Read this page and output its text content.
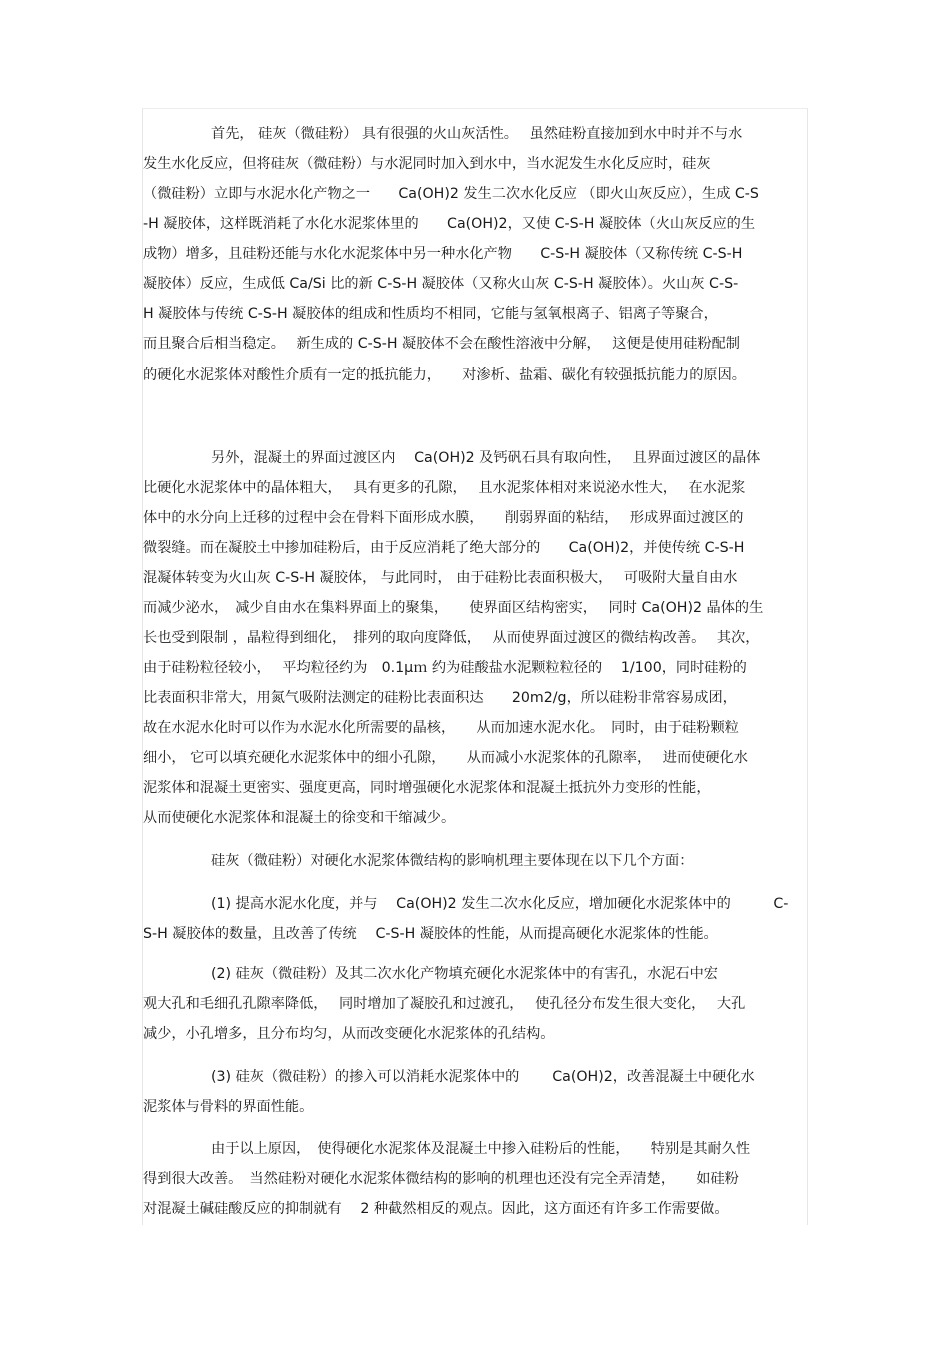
首先， 硅灰（微硅粉） 具有很强的火山灰活性。　 虽然硅粉直接加到水中时并不与水
发生水化反应，但将硅灰（微硅粉）与水泥同时加入到水中，当水泥发生水化反应时，硅灰
（微硅粉）立即与水泥水化产物之一　　Ca(OH)2 发生二次水化反应 （即火山灰反应），生成 C-S
-H 凝胶体，这样既消耗了水化水泥浆体里的　　Ca(OH)2，又使 C-S-H 凝胶体（火山灰反应的生
成物）增多，且硅粉还能与水化水泥浆体中另一种水化产物　　C-S-H 凝胶体（又称传统 C-S-H
凝胶体）反应，生成低 Ca/Si 比的新 C-S-H 凝胶体（又称火山灰 C-S-H 凝胶体）。火山灰 C-S-
H 凝胶体与传统 C-S-H 凝胶体的组成和性质均不相同，它能与氢氧根离子、铝离子等聚合，
而且聚合后相当稳定。　 新生成的 C-S-H 凝胶体不会在酸性溶液中分解，　 这便是使用硅粉配制
的硬化水泥浆体对酸性介质有一定的抵抗能力，　　对渗析、盐霜、碳化有较强抵抗能力的原因。
另外，混凝土的界面过渡区内　 Ca(OH)2 及钙矾石具有取向性，　 且界面过渡区的晶体
比硬化水泥浆体中的晶体粗大，　 具有更多的孔隙，　 且水泥浆体相对来说泌水性大，　 在水泥浆
体中的水分向上迁移的过程中会在骨料下面形成水膜，　　削弱界面的粘结，　 形成界面过渡区的
微裂缝。而在凝胶土中掺加硅粉后，由于反应消耗了绝大部分的　　Ca(OH)2，并使传统 C-S-H
混凝体转变为火山灰 C-S-H 凝胶体， 与此同时， 由于硅粉比表面积极大，　 可吸附大量自由水
而减少泌水，　减少自由水在集料界面上的聚集，　　使界面区结构密实，　 同时 Ca(OH)2 晶体的生
长也受到限制 ，晶粒得到细化，　排列的取向度降低，　 从而使界面过渡区的微结构改善。　 其次，
由于硅粉粒径较小，　 平均粒径约为　0.1μｍ 约为硅酸盐水泥颗粒粒径的　 1/100，同时硅粉的
比表面积非常大，用氮气吸附法测定的硅粉比表面积达　　20m2/g，所以硅粉非常容易成团，
故在水泥水化时可以作为水泥水化所需要的晶核，　　从而加速水泥水化。　同时，由于硅粉颗粒
细小， 它可以填充硬化水泥浆体中的细小孔隙，　　从而减小水泥浆体的孔隙率，　 进而使硬化水
泥浆体和混凝土更密实、强度更高，同时增强硬化水泥浆体和混凝土抵抗外力变形的性能，
从而使硬化水泥浆体和混凝土的徐变和干缩减少。
硅灰（微硅粉）对硬化水泥浆体微结构的影响机理主要体现在以下几个方面：
(1) 提高水泥水化度，并与　 Ca(OH)2 发生二次水化反应，增加硬化水泥浆体中的　　　C-
S-H 凝胶体的数量，且改善了传统　 C-S-H 凝胶体的性能，从而提高硬化水泥浆体的性能。
(2) 硅灰（微硅粉）及其二次水化产物填充硬化水泥浆体中的有害孔，水泥石中宏
观大孔和毛细孔孔隙率降低，　 同时增加了凝胶孔和过渡孔，　 使孔径分布发生很大变化，　 大孔
减少，小孔增多，且分布均匀，从而改变硬化水泥浆体的孔结构。
(3) 硅灰（微硅粉）的掺入可以消耗水泥浆体中的　　 Ca(OH)2，改善混凝土中硬化水
泥浆体与骨料的界面性能。
由于以上原因，　使得硬化水泥浆体及混凝土中掺入硅粉后的性能，　　特别是其耐久性
得到很大改善。　当然硅粉对硬化水泥浆体微结构的影响的机理也还没有完全弄清楚，　　如硅粉
对混凝土碱硅酸反应的抑制就有　 2 种截然相反的观点。因此，这方面还有许多工作需要做。
